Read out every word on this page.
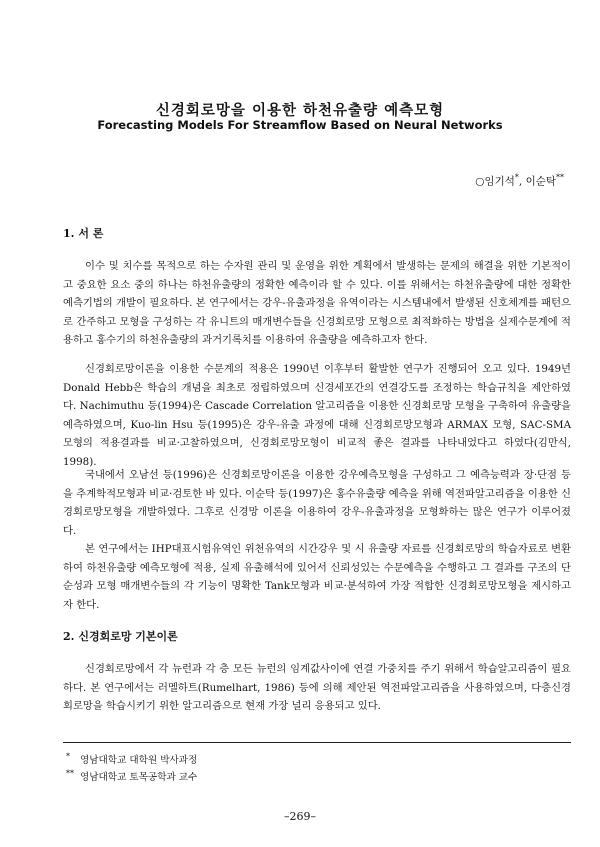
신경회로망을 이용한 하천유출량 예측모형
Forecasting Models For Streamflow Based on Neural Networks
○임기석*, 이순탁**
1. 서 론

이수 및 치수를 목적으로 하는 수자원 관리 및 운영을 위한 계획에서 발생하는 문제의 해결을 위한 기본적이고 중요한 요소 중의 하나는 하천유출량의 정확한 예측이라 할 수 있다. 이를 위해서는 하천유출량에 대한 정확한 예측기법의 개발이 필요하다. 본 연구에서는 강우-유출과정을 유역이라는 시스템내에서 발생된 신호체계를 패턴으로 간주하고 모형을 구성하는 각 유니트의 매개변수들을 신경회로망 모형으로 최적화하는 방법을 실제수문계에 적용하고 홍수기의 하천유출량의 과거기록치를 이용하여 유출량을 예측하고자 한다.

신경회로망이론을 이용한 수문계의 적용은 1990년 이후부터 활발한 연구가 진행되어 오고 있다. 1949년 Donald Hebb은 학습의 개념을 최초로 정립하였으며 신경세포간의 연결강도를 조정하는 학습규칙을 제안하였다. Nachimuthu 등(1994)은 Cascade Correlation 알고리즘을 이용한 신경회로망 모형을 구축하여 유출량을 예측하였으며, Kuo-lin Hsu 등(1995)은 강우-유출 과정에 대해 신경회로망모형과 ARMAX 모형, SAC-SMA 모형의 적용결과를 비교·고찰하였으며, 신경회로망모형이 비교적 좋은 결과를 나타내었다고 하였다(김만식, 1998).

국내에서 오남선 등(1996)은 신경회로망이론을 이용한 강우예측모형을 구성하고 그 예측능력과 장·단점 등을 추계학적모형과 비교·검토한 바 있다. 이순탁 등(1997)은 홍수유출량 예측을 위해 역전파알고리즘을 이용한 신경회로망모형을 개발하였다. 그후로 신경망 이론을 이용하여 강우-유출과정을 모형화하는 많은 연구가 이루어졌다.

본 연구에서는 IHP대표시험유역인 위천유역의 시간강우 및 시 유출량 자료를 신경회로망의 학습자료로 변환하여 하천유출량 예측모형에 적용, 실제 유출해석에 있어서 신뢰성있는 수문예측을 수행하고 그 결과를 구조의 단순성과 모형 매개변수들의 각 기능이 명확한 Tank모형과 비교·분석하여 가장 적합한 신경회로망모형을 제시하고자 한다.

2. 신경회로망 기본이론

신경회로망에서 각 뉴런과 각 층 모든 뉴런의 임계값사이에 연결 가중치를 주기 위해서 학습알고리즘이 필요하다. 본 연구에서는 러멜하트(Rumelhart, 1986) 등에 의해 제안된 역전파알고리즘을 사용하였으며, 다층신경회로망을 학습시키기 위한 알고리즘으로 현재 가장 널리 응용되고 있다.

* 영남대학교 대학원 박사과정
** 영남대학교 토목공학과 교수
–269–
